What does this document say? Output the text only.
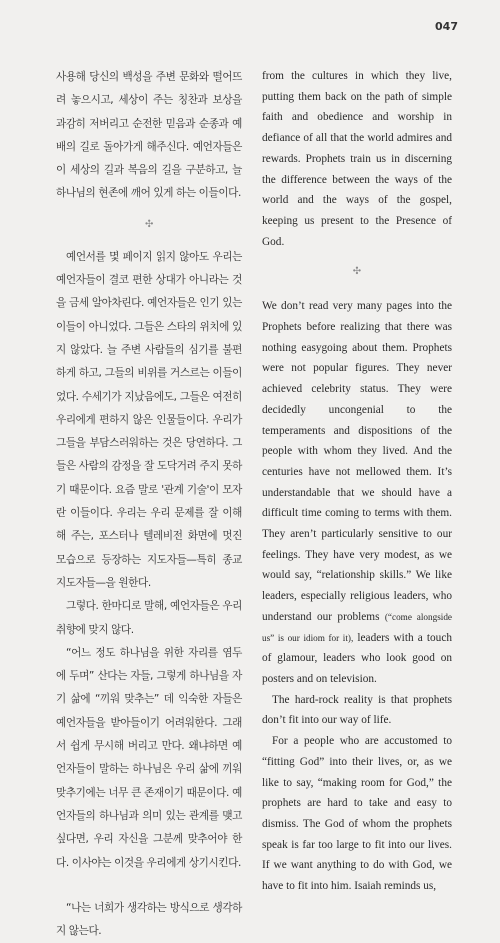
047

사용해 당신의 백성을 주변 문화와 떨어뜨려 놓으시고, 세상이 주는 칭찬과 보상을 과감히 저버리고 순전한 믿음과 순종과 예배의 길로 돌아가게 해주신다. 예언자들은 이 세상의 길과 복음의 길을 구분하고, 늘 하나님의 현존에 깨어 있게 하는 이들이다.

✣

예언서를 몇 페이지 읽지 않아도 우리는 예언자들이 결코 편한 상대가 아니라는 것을 금세 알아차린다. 예언자들은 인기 있는 이들이 아니었다. 그들은 스타의 위치에 있지 않았다. 늘 주변 사람들의 심기를 불편하게 하고, 그들의 비위를 거스르는 이들이었다. 수세기가 지났음에도, 그들은 여전히 우리에게 편하지 않은 인물들이다. 우리가 그들을 부담스러워하는 것은 당연하다. 그들은 사람의 감정을 잘 도닥거려 주지 못하기 때문이다. 요즘 말로 '관계 기술'이 모자란 이들이다. 우리는 우리 문제를 잘 이해해 주는, 포스터나 텔레비전 화면에 멋진 모습으로 등장하는 지도자들—특히 종교지도자들—을 원한다.

그렇다. 한마디로 말해, 예언자들은 우리 취향에 맞지 않다.

“어느 정도 하나님을 위한 자리를 염두에 두며” 산다는 자들, 그렇게 하나님을 자기 삶에 “끼워 맞추는” 데 익숙한 자들은 예언자들을 받아들이기 어려워한다. 그래서 쉽게 무시해 버리고 만다. 왜냐하면 예언자들이 말하는 하나님은 우리 삶에 끼워 맞추기에는 너무 큰 존재이기 때문이다. 예언자들의 하나님과 의미 있는 관계를 맺고 싶다면, 우리 자신을 그분께 맞추어야 한다. 이사야는 이것을 우리에게 상기시킨다.

“나는 너희가 생각하는 방식으로 생각하지 않는다.

from the cultures in which they live, putting them back on the path of simple faith and obedience and worship in defiance of all that the world admires and rewards. Prophets train us in discerning the difference between the ways of the world and the ways of the gospel, keeping us present to the Presence of God.

✣

We don’t read very many pages into the Prophets before realizing that there was nothing easygoing about them. Prophets were not popular figures. They never achieved celebrity status. They were decidedly uncongenial to the temperaments and dispositions of the people with whom they lived. And the centuries have not mellowed them. It’s understandable that we should have a difficult time coming to terms with them. They aren’t particularly sensitive to our feelings. They have very modest, as we would say, “relationship skills.” We like leaders, especially religious leaders, who understand our problems (“come alongside us” is our idiom for it), leaders with a touch of glamour, leaders who look good on posters and on television.

The hard-rock reality is that prophets don’t fit into our way of life.

For a people who are accustomed to “fitting God” into their lives, or, as we like to say, “making room for God,” the prophets are hard to take and easy to dismiss. The God of whom the prophets speak is far too large to fit into our lives. If we want anything to do with God, we have to fit into him. Isaiah reminds us,
